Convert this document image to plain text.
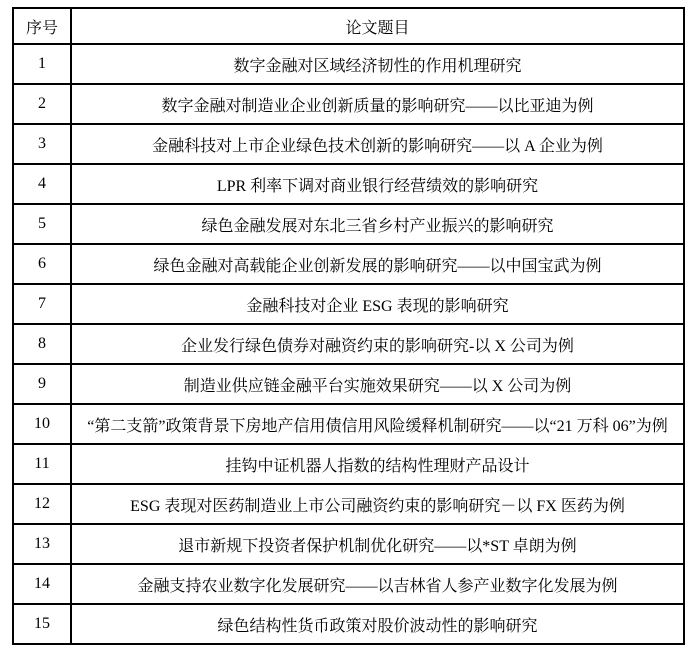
序号	论文题目
1	数字金融对区域经济韧性的作用机理研究
2	数字金融对制造业企业创新质量的影响研究——以比亚迪为例
3	金融科技对上市企业绿色技术创新的影响研究——以 A 企业为例
4	LPR 利率下调对商业银行经营绩效的影响研究
5	绿色金融发展对东北三省乡村产业振兴的影响研究
6	绿色金融对高载能企业创新发展的影响研究——以中国宝武为例
7	金融科技对企业 ESG 表现的影响研究
8	企业发行绿色债券对融资约束的影响研究-以 X 公司为例
9	制造业供应链金融平台实施效果研究——以 X 公司为例
10	“第二支箭”政策背景下房地产信用债信用风险缓释机制研究——以“21 万科 06”为例
11	挂钩中证机器人指数的结构性理财产品设计
12	ESG 表现对医药制造业上市公司融资约束的影响研究－以 FX 医药为例
13	退市新规下投资者保护机制优化研究——以*ST 卓朗为例
14	金融支持农业数字化发展研究——以吉林省人参产业数字化发展为例
15	绿色结构性货币政策对股价波动性的影响研究
